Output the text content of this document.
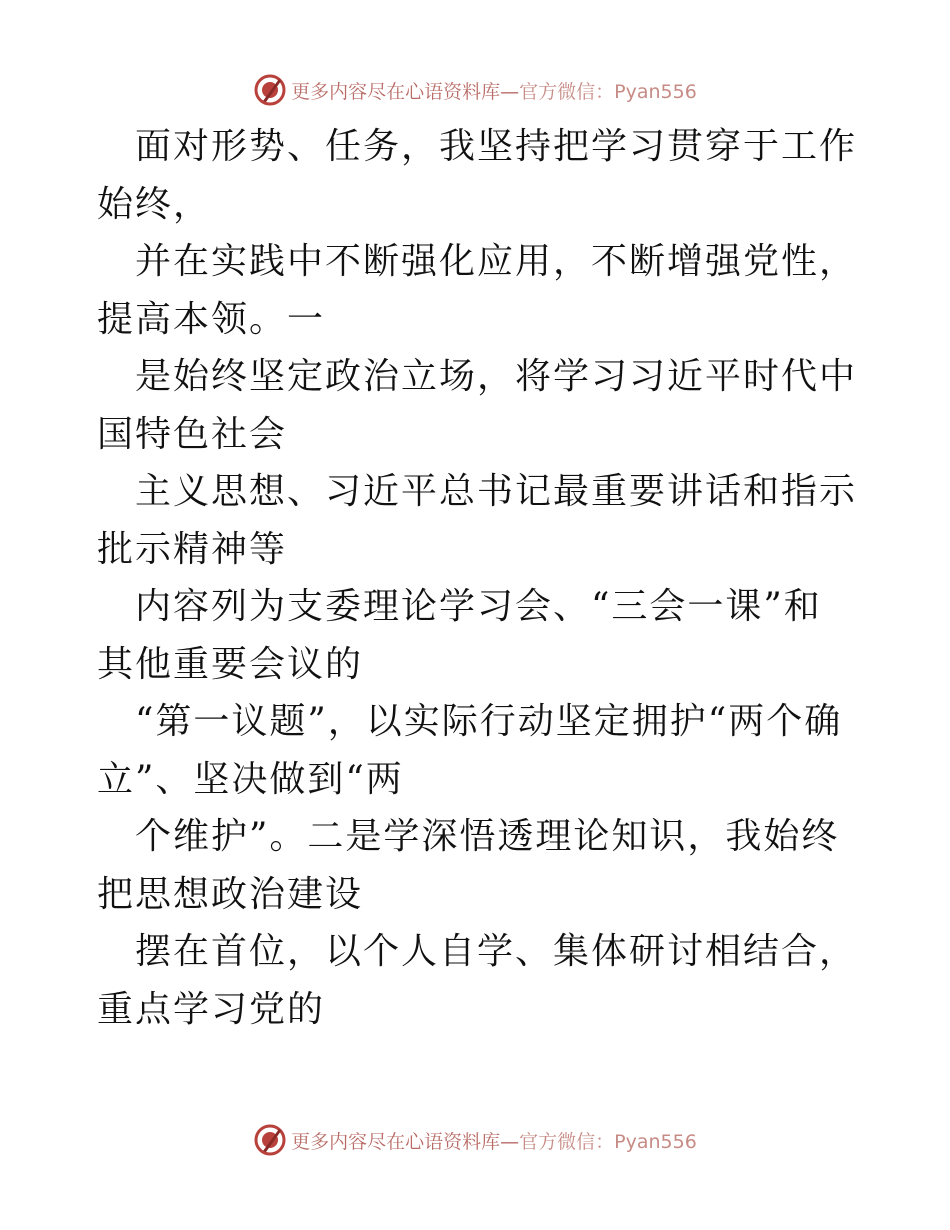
更多内容尽在心语资料库—官方微信：Pyan556

面对形势、任务，我坚持把学习贯穿于工作始终，

并在实践中不断强化应用，不断增强党性，提高本领。一

是始终坚定政治立场，将学习习近平时代中国特色社会

主义思想、习近平总书记最重要讲话和指示批示精神等

内容列为支委理论学习会、“三会一课”和其他重要会议的

“第一议题”，以实际行动坚定拥护“两个确立”、坚决做到“两

个维护”。二是学深悟透理论知识，我始终把思想政治建设

摆在首位，以个人自学、集体研讨相结合，重点学习党的

更多内容尽在心语资料库—官方微信：Pyan556
